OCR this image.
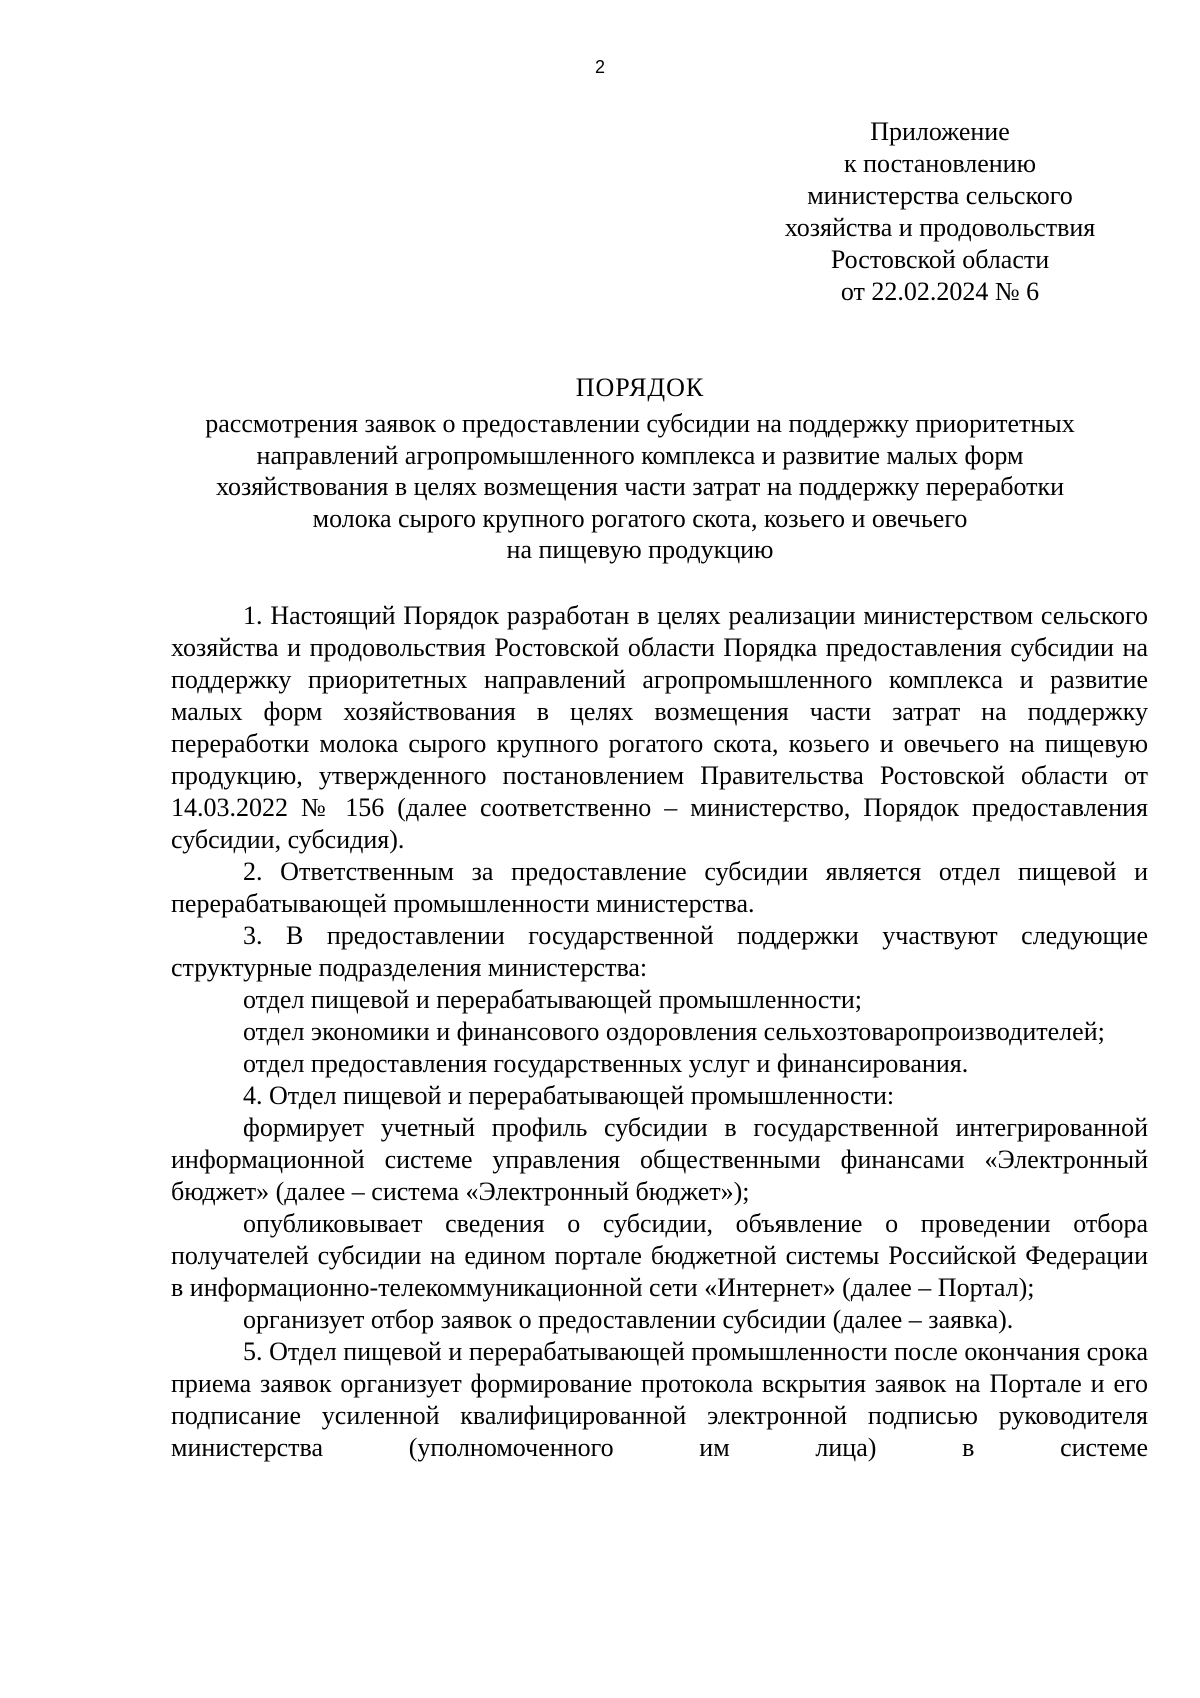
2
Приложение
к постановлению
министерства сельского
хозяйства и продовольствия
Ростовской области
от 22.02.2024 № 6
ПОРЯДОК
рассмотрения заявок о предоставлении субсидии на поддержку приоритетных
направлений агропромышленного комплекса и развитие малых форм
хозяйствования в целях возмещения части затрат на поддержку переработки
молока сырого крупного рогатого скота, козьего и овечьего
на пищевую продукцию

1. Настоящий Порядок разработан в целях реализации министерством сельского хозяйства и продовольствия Ростовской области Порядка предоставления субсидии на поддержку приоритетных направлений агропромышленного комплекса и развитие малых форм хозяйствования в целях возмещения части затрат на поддержку переработки молока сырого крупного рогатого скота, козьего и овечьего на пищевую продукцию, утвержденного постановлением Правительства Ростовской области от 14.03.2022 № 156 (далее соответственно – министерство, Порядок предоставления субсидии, субсидия).

2. Ответственным за предоставление субсидии является отдел пищевой и перерабатывающей промышленности министерства.

3. В предоставлении государственной поддержки участвуют следующие структурные подразделения министерства:

отдел пищевой и перерабатывающей промышленности;

отдел экономики и финансового оздоровления сельхозтоваропроизводителей;

отдел предоставления государственных услуг и финансирования.

4. Отдел пищевой и перерабатывающей промышленности:

формирует учетный профиль субсидии в государственной интегрированной информационной системе управления общественными финансами «Электронный бюджет» (далее – система «Электронный бюджет»);

опубликовывает сведения о субсидии, объявление о проведении отбора получателей субсидии на едином портале бюджетной системы Российской Федерации в информационно-телекоммуникационной сети «Интернет» (далее – Портал);

организует отбор заявок о предоставлении субсидии (далее – заявка).

5. Отдел пищевой и перерабатывающей промышленности после окончания срока приема заявок организует формирование протокола вскрытия заявок на Портале и его подписание усиленной квалифицированной электронной подписью руководителя министерства (уполномоченного им лица) в системе
